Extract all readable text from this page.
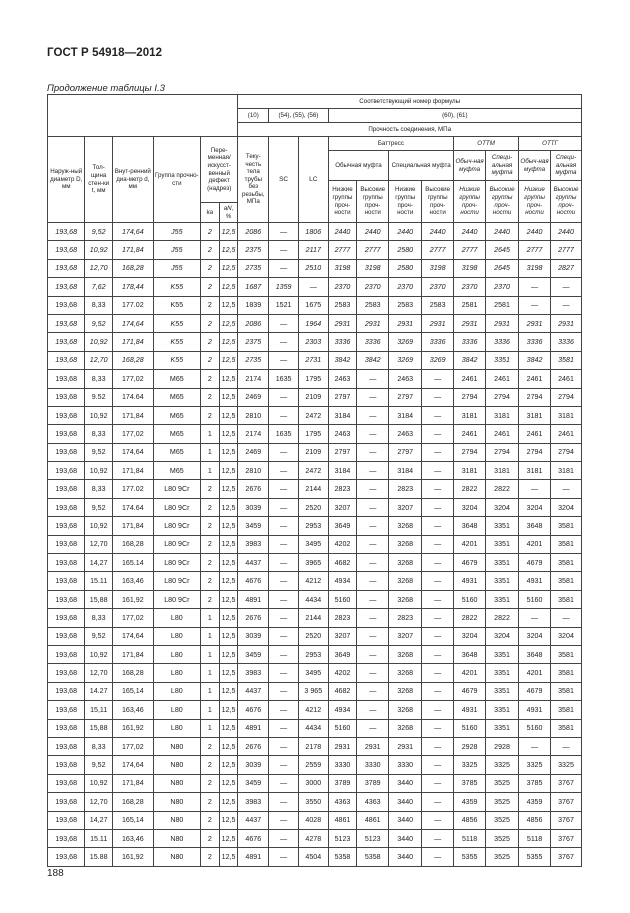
ГОСТ Р 54918—2012
Продолжение таблицы I.3
						Соответствующий номер формулы										
						(10)	(54), (55), (56)		(60), (61)							
						Прочность соединения, МПа										
Наруж-ный диаметр D, мм	Тол-щина стен-ки t, мм	Внут-ренний диа-метр d, мм	Группа прочно-сти	Пере-менная/ искусст-венный дефект (надрез)		Теку-честь тела трубы без резьбы, МПа	SC	LC	Баттресс				ОТТМ		ОТТГ	
									Обычная муфта		Специальная муфта		Обыч-ная муфта	Специ-альная муфта	Обыч-ная муфта	Специ-альная муфта
									Низкие группы проч-ности	Высокие группы проч-ности	Низкие группы проч-ности	Высокие группы проч-ности	Низкие группы проч-ности	Высокие группы проч-ности	Низкие группы проч-ности	Высокие группы проч-ности
				ka	aN, %											
193,68	9,52	174,64	J55	2	12,5	2086	—	1806	2440	2440	2440	2440	2440	2440	2440	2440
193,68	10,92	171,84	J55	2	12,5	2375	—	2117	2777	2777	2580	2777	2777	2645	2777	2777
193,68	12,70	168,28	J55	2	12,5	2735	—	2510	3198	3198	2580	3198	3198	2645	3198	2827
193,68	7,62	178,44	K55	2	12,5	1687	1359	—	2370	2370	2370	2370	2370	2370	—	—
193,68	8,33	177.02	K55	2	12,5	1839	1521	1675	2583	2583	2583	2583	2581	2581	—	—
193,68	9,52	174,64	K55	2	12,5	2086	—	1964	2931	2931	2931	2931	2931	2931	2931	2931
193,68	10,92	171,84	K55	2	12,5	2375	—	2303	3336	3336	3269	3336	3336	3336	3336	3336
193,68	12,70	168,28	K55	2	12,5	2735	—	2731	3842	3842	3269	3269	3842	3351	3842	3581
193,68	8,33	177,02	M65	2	12,5	2174	1635	1795	2463	—	2463	—	2461	2461	2461	2461
193,68	9.52	174.64	M65	2	12,5	2469	—	2109	2797	—	2797	—	2794	2794	2794	2794
193,68	10,92	171,84	M65	2	12,5	2810	—	2472	3184	—	3184	—	3181	3181	3181	3181
193,68	8,33	177,02	M65	1	12,5	2174	1635	1795	2463	—	2463	—	2461	2461	2461	2461
193,68	9,52	174,64	M65	1	12,5	2469	—	2109	2797	—	2797	—	2794	2794	2794	2794
193,68	10,92	171,84	M65	1	12,5	2810	—	2472	3184	—	3184	—	3181	3181	3181	3181
193,68	8,33	177.02	L80 9Cr	2	12,5	2676	—	2144	2823	—	2823	—	2822	2822	—	—
193,68	9,52	174.64	L80 9Cr	2	12,5	3039	—	2520	3207	—	3207	—	3204	3204	3204	3204
193,68	10,92	171,84	L80 9Cr	2	12,5	3459	—	2953	3649	—	3268	—	3648	3351	3648	3581
193,68	12,70	168,28	L80 9Cr	2	12,5	3983	—	3495	4202	—	3268	—	4201	3351	4201	3581
193,68	14,27	165.14	L80 9Cr	2	12,5	4437	—	3965	4682	—	3268	—	4679	3351	4679	3581
193,68	15.11	163,46	L80 9Cr	2	12,5	4676	—	4212	4934	—	3268	—	4931	3351	4931	3581
193,68	15,88	161,92	L80 9Cr	2	12,5	4891	—	4434	5160	—	3268	—	5160	3351	5160	3581
193,68	8,33	177,02	L80	1	12,5	2676	—	2144	2823	—	2823	—	2822	2822	—	—
193,68	9,52	174,64	L80	1	12,5	3039	—	2520	3207	—	3207	—	3204	3204	3204	3204
193,68	10,92	171,84	L80	1	12,5	3459	—	2953	3649	—	3268	—	3648	3351	3648	3581
193,68	12,70	168,28	L80	1	12,5	3983	—	3495	4202	—	3268	—	4201	3351	4201	3581
193,68	14.27	165,14	L80	1	12,5	4437	—	3 965	4682	—	3268	—	4679	3351	4679	3581
193,68	15,11	163,46	L80	1	12,5	4676	—	4212	4934	—	3268	—	4931	3351	4931	3581
193,68	15,88	161,92	L80	1	12,5	4891	—	4434	5160	—	3268	—	5160	3351	5160	3581
193,68	8,33	177,02	N80	2	12,5	2676	—	2178	2931	2931	2931	—	2928	2928	—	—
193,68	9,52	174,64	N80	2	12,5	3039	—	2559	3330	3330	3330	—	3325	3325	3325	3325
193,68	10,92	171,84	N80	2	12,5	3459	—	3000	3789	3789	3440	—	3785	3525	3785	3767
193,68	12,70	168,28	N80	2	12,5	3983	—	3550	4363	4363	3440	—	4359	3525	4359	3767
193,68	14,27	165,14	N80	2	12,5	4437	—	4028	4861	4861	3440	—	4856	3525	4856	3767
193,68	15.11	163,46	N80	2	12,5	4676	—	4278	5123	5123	3440	—	5118	3525	5118	3767
193,68	15.88	161,92	N80	2	12,5	4891	—	4504	5358	5358	3440	—	5355	3525	5355	3767
188
